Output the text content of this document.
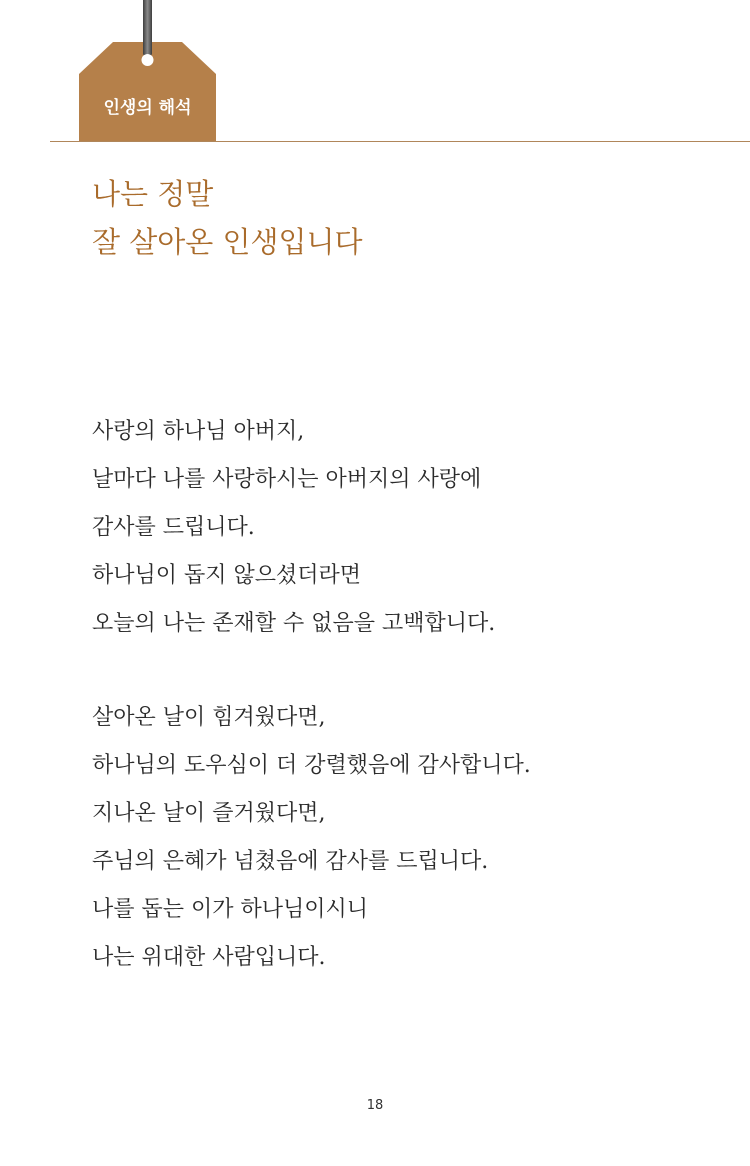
인생의 해석
나는 정말
잘 살아온 인생입니다
사랑의 하나님 아버지,
날마다 나를 사랑하시는 아버지의 사랑에
감사를 드립니다.
하나님이 돕지 않으셨더라면
오늘의 나는 존재할 수 없음을 고백합니다.
살아온 날이 힘겨웠다면,
하나님의 도우심이 더 강렬했음에 감사합니다.
지나온 날이 즐거웠다면,
주님의 은혜가 넘쳤음에 감사를 드립니다.
나를 돕는 이가 하나님이시니
나는 위대한 사람입니다.
18
